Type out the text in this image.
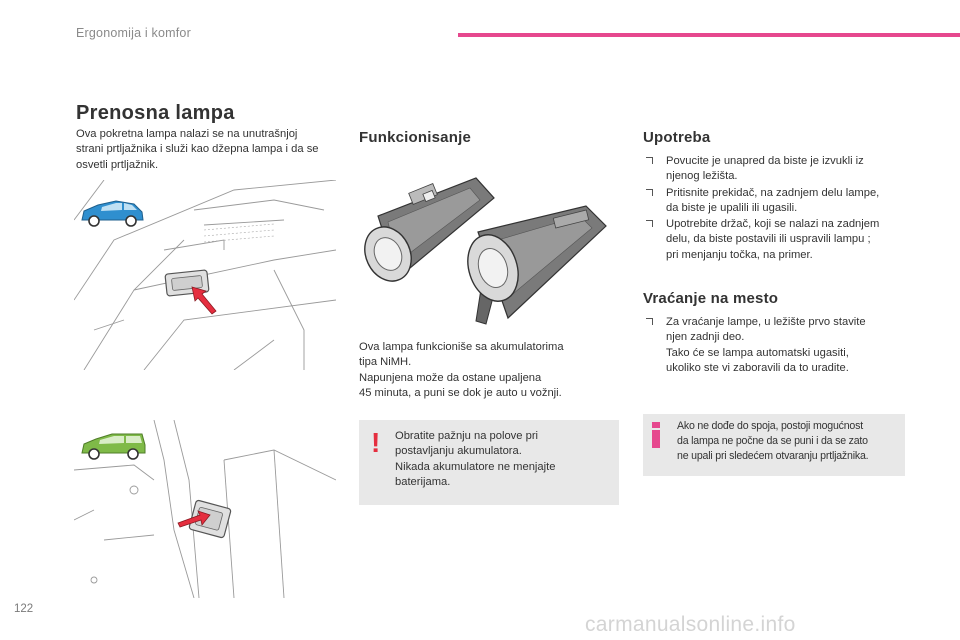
Ergonomija i komfor
Prenosna lampa
Ova pokretna lampa nalazi se na unutrašnjoj strani prtljažnika i služi kao džepna lampa i da se osvetli prtljažnik.
Funkcionisanje
Ova lampa funkcioniše sa akumulatorima
tipa NiMH.
Napunjena može da ostane upaljena
45 minuta, a puni se dok je auto u vožnji.
!	Obratite pažnju na polove pri
postavljanju akumulatora.
Nikada akumulatore ne menjajte
baterijama.
Upotreba
Povucite je unapred da biste je izvukli iz
njenog ležišta.
Pritisnite prekidač, na zadnjem delu lampe,
da biste je upalili ili ugasili.
Upotrebite držač, koji se nalazi na zadnjem
delu, da biste postavili ili uspravili lampu ;
pri menjanju točka, na primer.
Vraćanje na mesto
Za vraćanje lampe, u ležište prvo stavite
njen zadnji deo.
Tako će se lampa automatski ugasiti,
ukoliko ste vi zaboravili da to uradite.
Ako ne dođe do spoja, postoji mogućnost
da lampa ne počne da se puni i da se zato
ne upali pri sledećem otvaranju prtljažnika.
122
carmanualsonline.info
